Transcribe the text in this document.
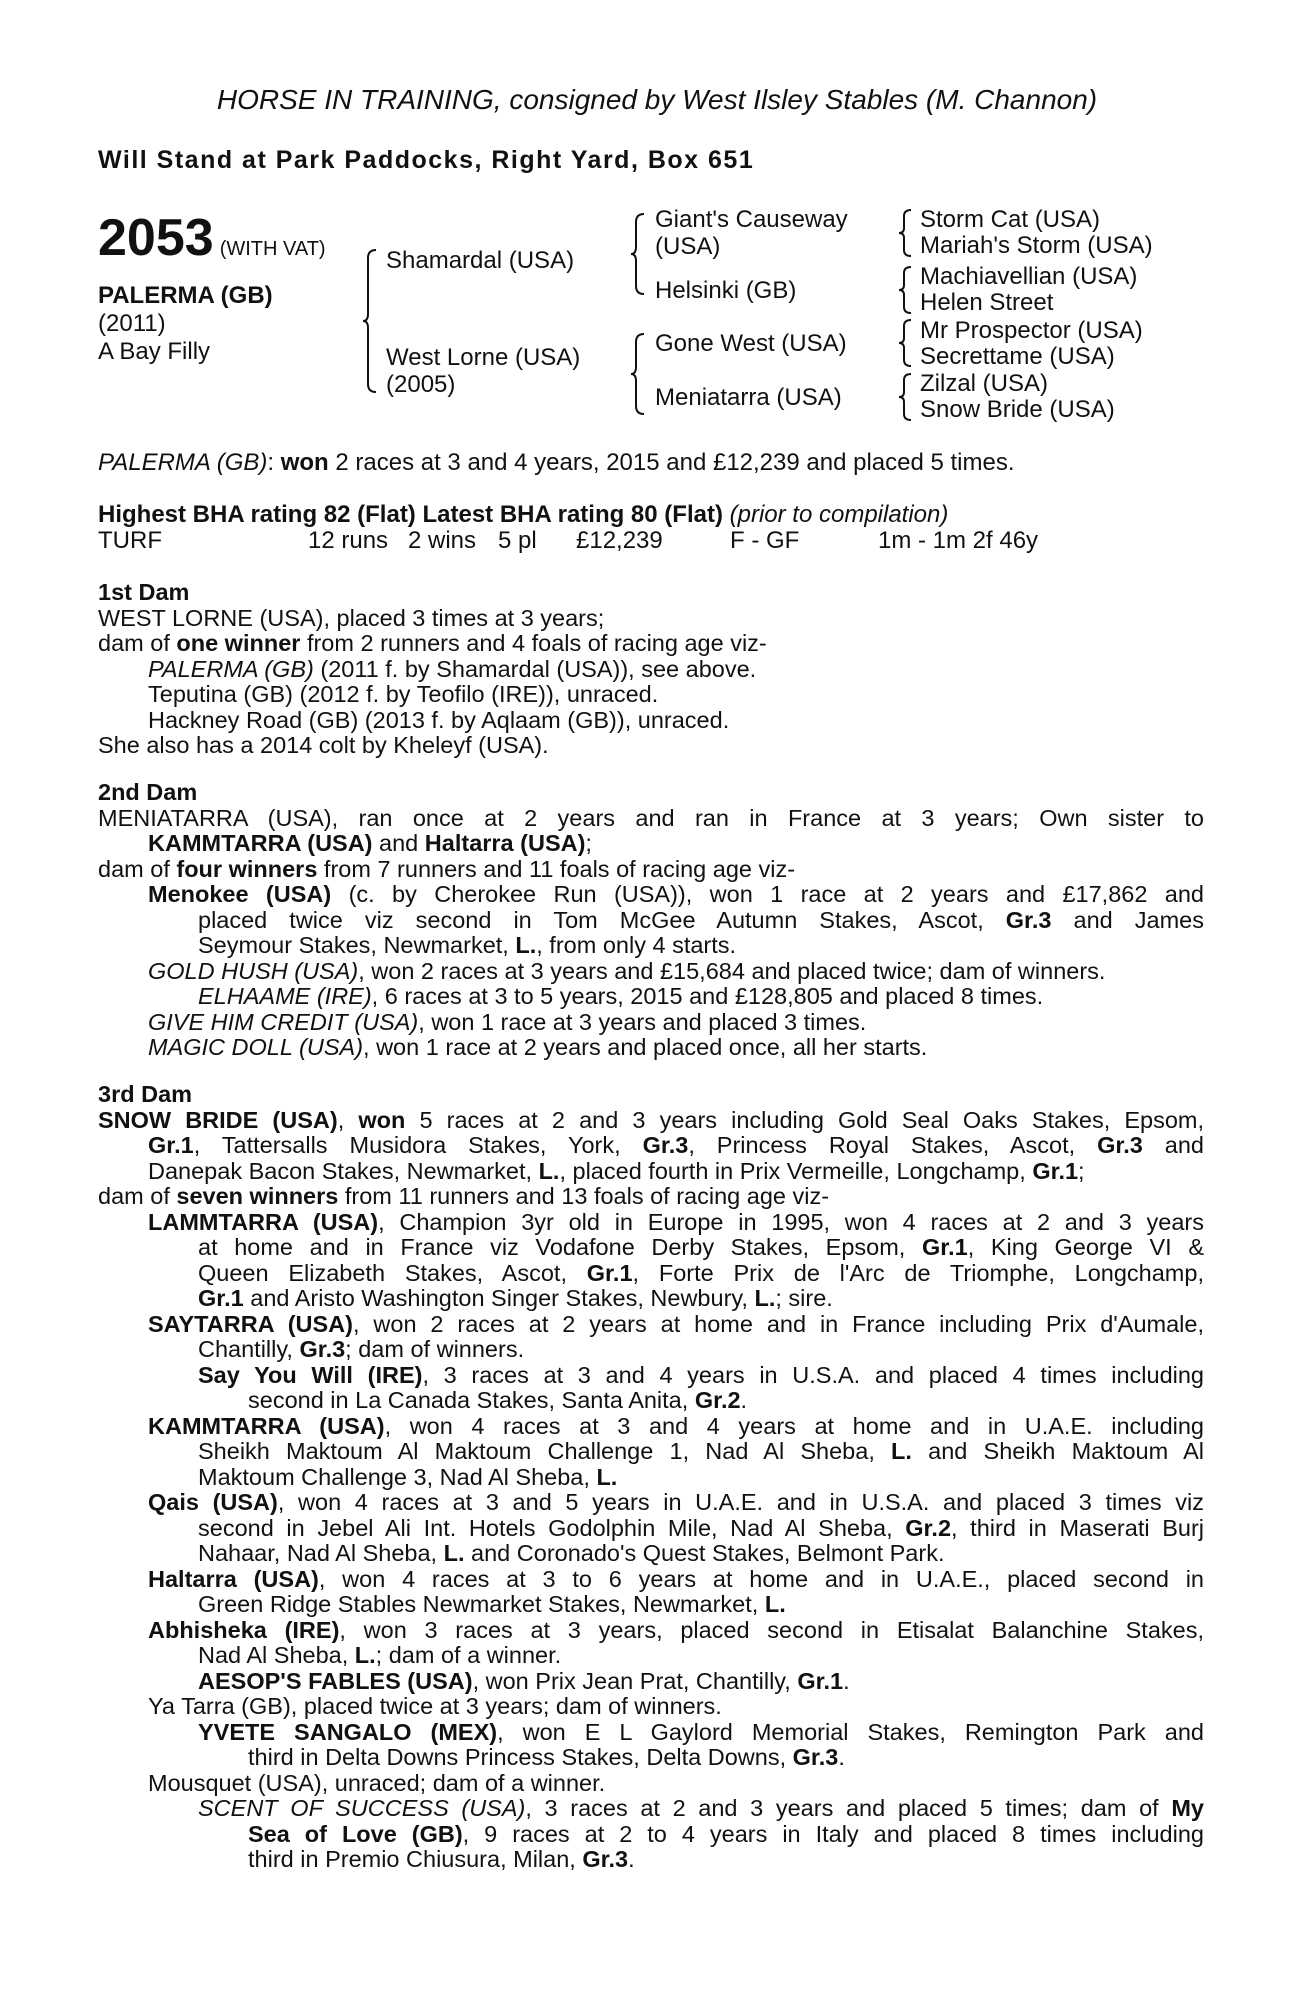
HORSE IN TRAINING, consigned by West Ilsley Stables (M. Channon)
Will Stand at Park Paddocks, Right Yard, Box 651
2053 (WITH VAT)
PALERMA (GB)
(2011)
A Bay Filly
Shamardal (USA)
West Lorne (USA)
(2005)
Giant's Causeway
(USA)
Helsinki (GB)
Gone West (USA)
Meniatarra (USA)
Storm Cat (USA)
Mariah's Storm (USA)
Machiavellian (USA)
Helen Street
Mr Prospector (USA)
Secrettame (USA)
Zilzal (USA)
Snow Bride (USA)
PALERMA (GB): won 2 races at 3 and 4 years, 2015 and £12,239 and placed 5 times.
Highest BHA rating 82 (Flat) Latest BHA rating 80 (Flat) (prior to compilation)
TURF	12 runs 2 wins 5 pl £12,239	F - GF	1m - 1m 2f 46y
1st Dam
WEST LORNE (USA), placed 3 times at 3 years;
dam of one winner from 2 runners and 4 foals of racing age viz-
PALERMA (GB) (2011 f. by Shamardal (USA)), see above.
Teputina (GB) (2012 f. by Teofilo (IRE)), unraced.
Hackney Road (GB) (2013 f. by Aqlaam (GB)), unraced.
She also has a 2014 colt by Kheleyf (USA).
2nd Dam
MENIATARRA (USA), ran once at 2 years and ran in France at 3 years; Own sister to
KAMMTARRA (USA) and Haltarra (USA);
dam of four winners from 7 runners and 11 foals of racing age viz-
Menokee (USA) (c. by Cherokee Run (USA)), won 1 race at 2 years and £17,862 and
placed twice viz second in Tom McGee Autumn Stakes, Ascot, Gr.3 and James
Seymour Stakes, Newmarket, L., from only 4 starts.
GOLD HUSH (USA), won 2 races at 3 years and £15,684 and placed twice; dam of winners.
ELHAAME (IRE), 6 races at 3 to 5 years, 2015 and £128,805 and placed 8 times.
GIVE HIM CREDIT (USA), won 1 race at 3 years and placed 3 times.
MAGIC DOLL (USA), won 1 race at 2 years and placed once, all her starts.
3rd Dam
SNOW BRIDE (USA), won 5 races at 2 and 3 years including Gold Seal Oaks Stakes, Epsom,
Gr.1, Tattersalls Musidora Stakes, York, Gr.3, Princess Royal Stakes, Ascot, Gr.3 and
Danepak Bacon Stakes, Newmarket, L., placed fourth in Prix Vermeille, Longchamp, Gr.1;
dam of seven winners from 11 runners and 13 foals of racing age viz-
LAMMTARRA (USA), Champion 3yr old in Europe in 1995, won 4 races at 2 and 3 years
at home and in France viz Vodafone Derby Stakes, Epsom, Gr.1, King George VI &
Queen Elizabeth Stakes, Ascot, Gr.1, Forte Prix de l'Arc de Triomphe, Longchamp,
Gr.1 and Aristo Washington Singer Stakes, Newbury, L.; sire.
SAYTARRA (USA), won 2 races at 2 years at home and in France including Prix d'Aumale,
Chantilly, Gr.3; dam of winners.
Say You Will (IRE), 3 races at 3 and 4 years in U.S.A. and placed 4 times including
second in La Canada Stakes, Santa Anita, Gr.2.
KAMMTARRA (USA), won 4 races at 3 and 4 years at home and in U.A.E. including
Sheikh Maktoum Al Maktoum Challenge 1, Nad Al Sheba, L. and Sheikh Maktoum Al
Maktoum Challenge 3, Nad Al Sheba, L.
Qais (USA), won 4 races at 3 and 5 years in U.A.E. and in U.S.A. and placed 3 times viz
second in Jebel Ali Int. Hotels Godolphin Mile, Nad Al Sheba, Gr.2, third in Maserati Burj
Nahaar, Nad Al Sheba, L. and Coronado's Quest Stakes, Belmont Park.
Haltarra (USA), won 4 races at 3 to 6 years at home and in U.A.E., placed second in
Green Ridge Stables Newmarket Stakes, Newmarket, L.
Abhisheka (IRE), won 3 races at 3 years, placed second in Etisalat Balanchine Stakes,
Nad Al Sheba, L.; dam of a winner.
AESOP'S FABLES (USA), won Prix Jean Prat, Chantilly, Gr.1.
Ya Tarra (GB), placed twice at 3 years; dam of winners.
YVETE SANGALO (MEX), won E L Gaylord Memorial Stakes, Remington Park and
third in Delta Downs Princess Stakes, Delta Downs, Gr.3.
Mousquet (USA), unraced; dam of a winner.
SCENT OF SUCCESS (USA), 3 races at 2 and 3 years and placed 5 times; dam of My
Sea of Love (GB), 9 races at 2 to 4 years in Italy and placed 8 times including
third in Premio Chiusura, Milan, Gr.3.
